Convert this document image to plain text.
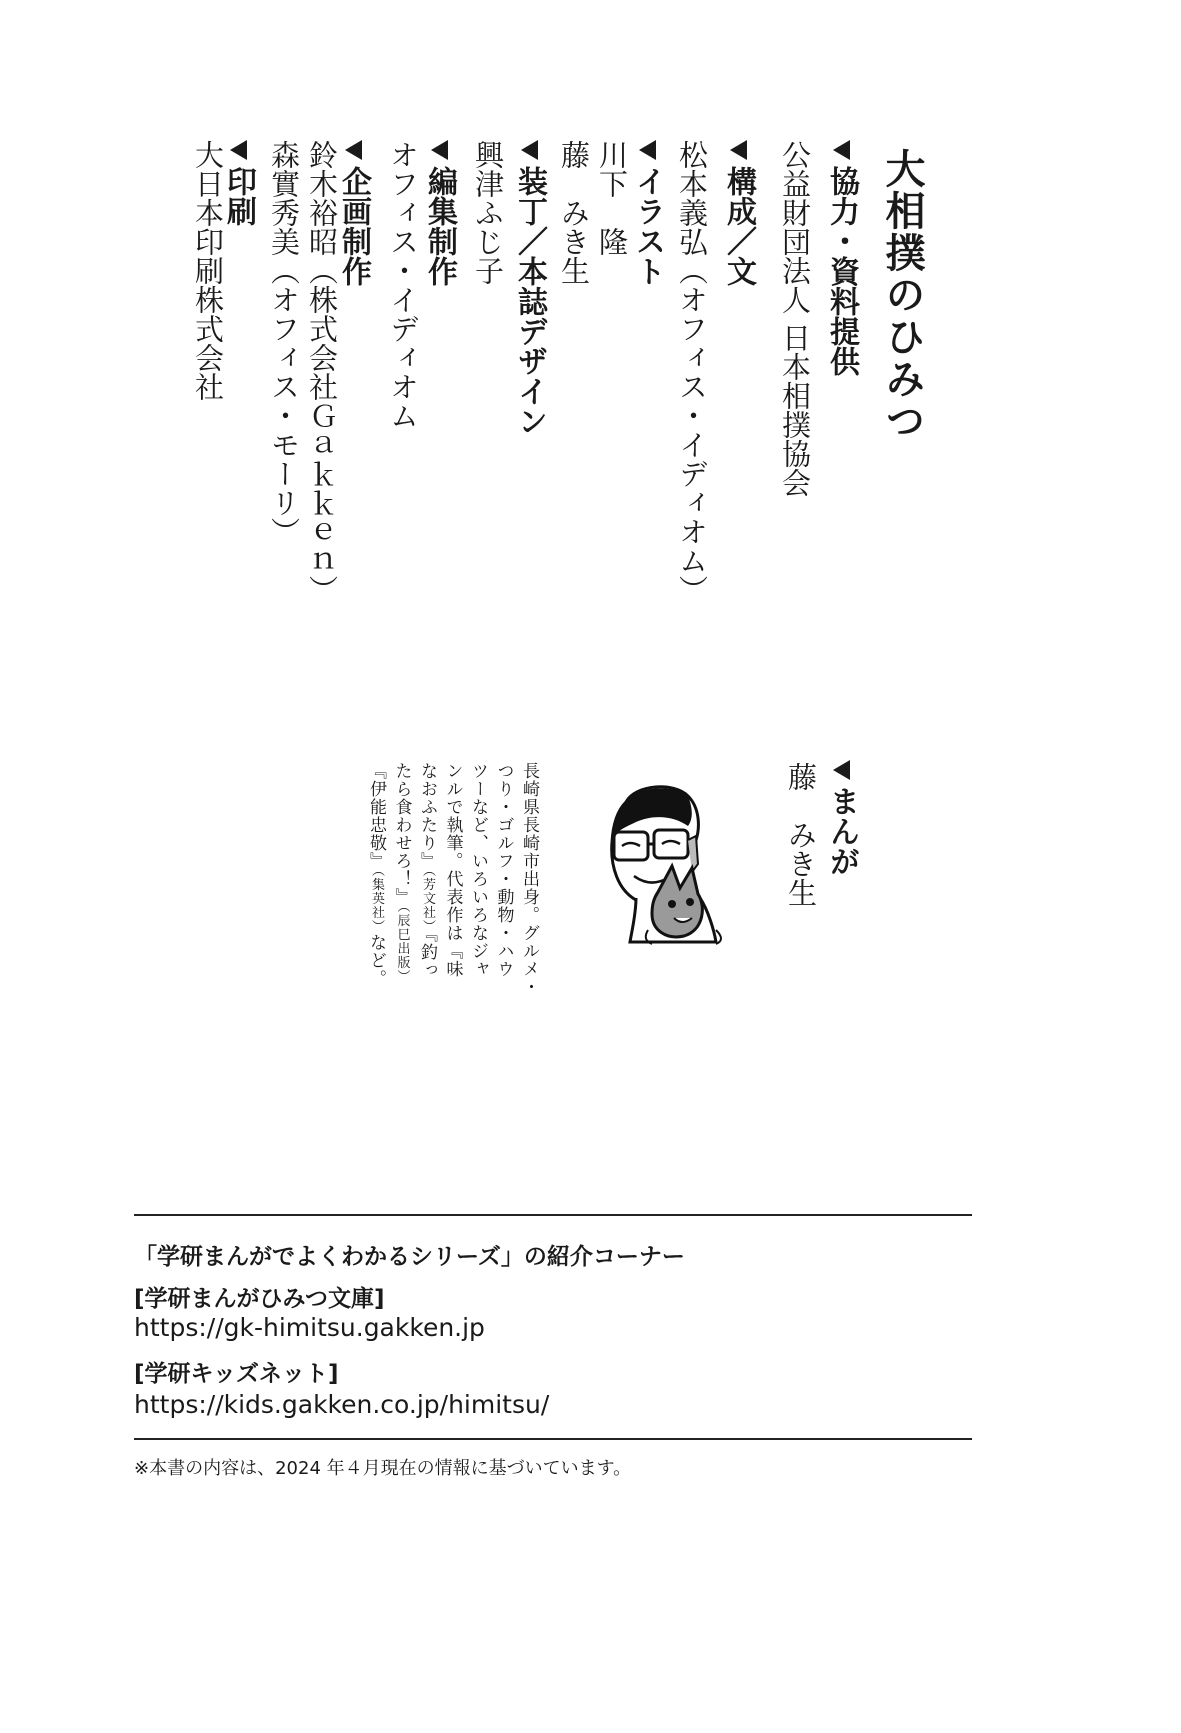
大相撲のひみつ
協力・資料提供
公益財団法人 日本相撲協会
構成／文
松本義弘（オフィス・イディオム）
イラスト
川下　隆
藤　みき生
装丁／本誌デザイン
興津ふじ子
編集制作
オフィス・イディオム
企画制作
鈴木裕昭（株式会社Ｇａｋｋｅｎ）
森實秀美（オフィス・モーリ）
印刷
大日本印刷株式会社
まんが
藤　みき生
長崎県長崎市出身。グルメ・
つり・ゴルフ・動物・ハウ
ツーなど、いろいろなジャ
ンルで執筆。代表作は『味
なおふたり』（芳文社）『釣っ
たら食わせろ！』（辰巳出版）
『伊能忠敬』（集英社）など。
「学研まんがでよくわかるシリーズ」の紹介コーナー
[学研まんがひみつ文庫]
https://gk-himitsu.gakken.jp
[学研キッズネット]
https://kids.gakken.co.jp/himitsu/
※本書の内容は、2024 年４月現在の情報に基づいています。
